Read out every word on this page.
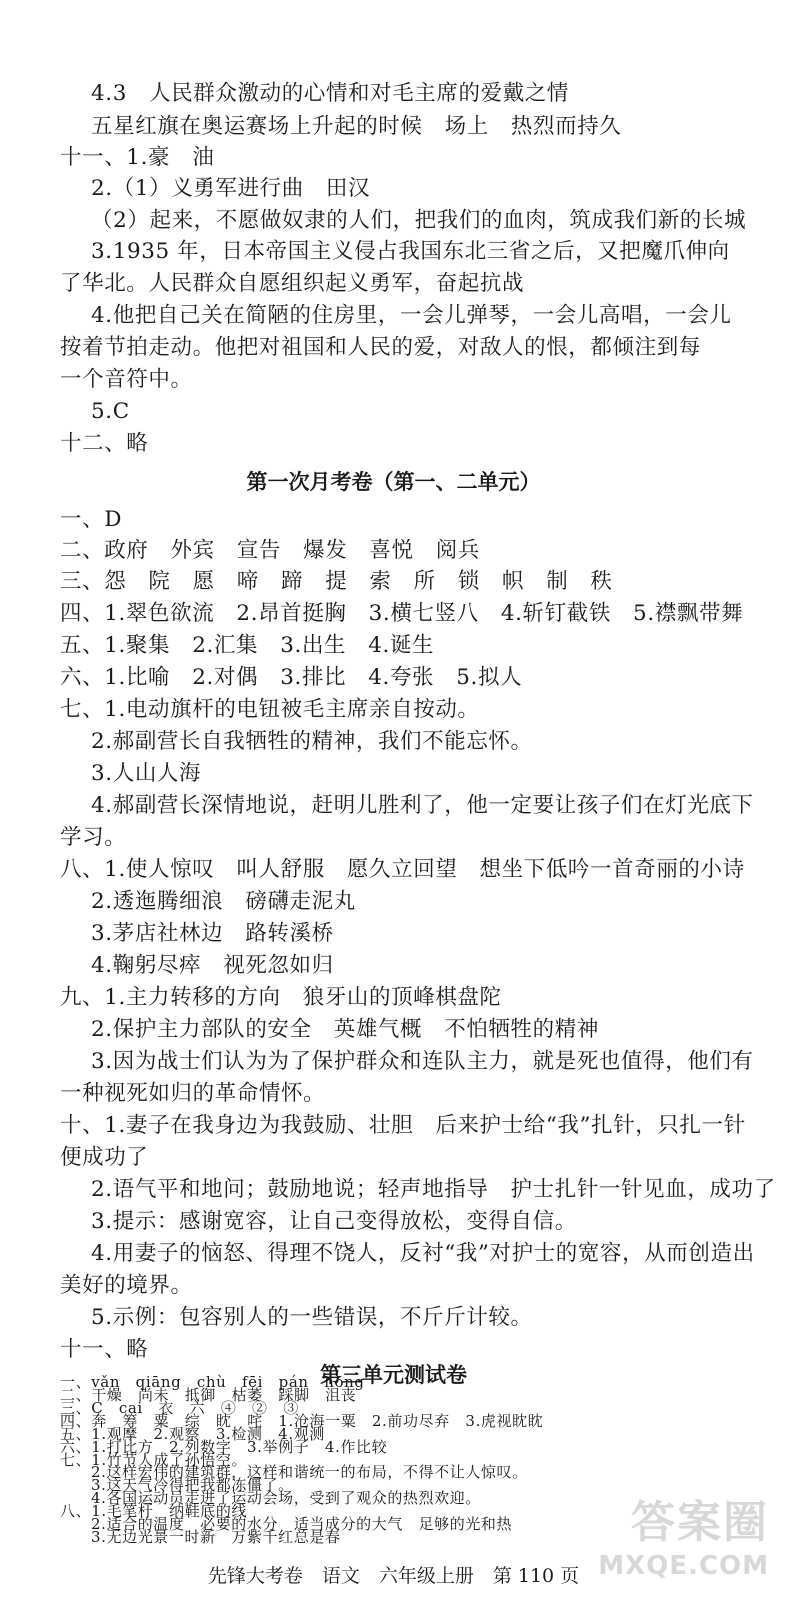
4.3　人民群众激动的心情和对毛主席的爱戴之情
五星红旗在奥运赛场上升起的时候　场上　热烈而持久
十一、1.豪　油
2.（1）义勇军进行曲　田汉
（2）起来，不愿做奴隶的人们，把我们的血肉，筑成我们新的长城
3.1935 年，日本帝国主义侵占我国东北三省之后，又把魔爪伸向
了华北。人民群众自愿组织起义勇军，奋起抗战
4.他把自己关在简陋的住房里，一会儿弹琴，一会儿高唱，一会儿
按着节拍走动。他把对祖国和人民的爱，对敌人的恨，都倾注到每
一个音符中。
5.C
十二、略
第一次月考卷（第一、二单元）
一、D
二、政府　外宾　宣告　爆发　喜悦　阅兵
三、怨　院　愿　啼　蹄　提　索　所　锁　帜　制　秩
四、1.翠色欲流　2.昂首挺胸　3.横七竖八　4.斩钉截铁　5.襟飘带舞
五、1.聚集　2.汇集　3.出生　4.诞生
六、1.比喻　2.对偶　3.排比　4.夸张　5.拟人
七、1.电动旗杆的电钮被毛主席亲自按动。
2.郝副营长自我牺牲的精神，我们不能忘怀。
3.人山人海
4.郝副营长深情地说，赶明儿胜利了，他一定要让孩子们在灯光底下
学习。
八、1.使人惊叹　叫人舒服　愿久立回望　想坐下低吟一首奇丽的小诗
2.透迤腾细浪　磅礴走泥丸
3.茅店社林边　路转溪桥
4.鞠躬尽瘁　视死忽如归
九、1.主力转移的方向　狼牙山的顶峰棋盘陀
2.保护主力部队的安全　英雄气概　不怕牺牲的精神
3.因为战士们认为为了保护群众和连队主力，就是死也值得，他们有
一种视死如归的革命情怀。
十、1.妻子在我身边为我鼓励、壮胆　后来护士给“我”扎针，只扎一针
便成功了
2.语气平和地问；鼓励地说；轻声地指导　护士扎针一针见血，成功了
3.提示：感谢宽容，让自己变得放松，变得自信。
4.用妻子的恼怒、得理不饶人，反衬“我”对护士的宽容，从而创造出
美好的境界。
5.示例：包容别人的一些错误，不斤斤计较。
十一、略
第三单元测试卷
一、vǎn　qiāng　chù　fēi　pán　hōng
二、干燥　尚未　抵御　枯萎　踩脚　沮丧
三、C　cai　衣　六　④　②　③
四、奔　筹　粟　综　眈　咤　1.沧海一粟　2.前功尽弃　3.虎视眈眈
五、1.观摩　2.观察　3.检测　4.观测
六、1.打比方　2.列数字　3.举例子　4.作比较
七、1.竹节人成了孙悟空。
2.这样宏伟的建筑群，这样和谐统一的布局，不得不让人惊叹。
3.这天气冷得把我都冻僵了。
4.各国运动员走进了运动会场，受到了观众的热烈欢迎。
八、1.毛笔杆　纳鞋底的线
2.适合的温度　必要的水分　适当成分的大气　足够的光和热
3.无边光景一时新　万紫千红总是春	答案圈
MXQE.COM
先锋大考卷　语文　六年级上册　第 110 页
